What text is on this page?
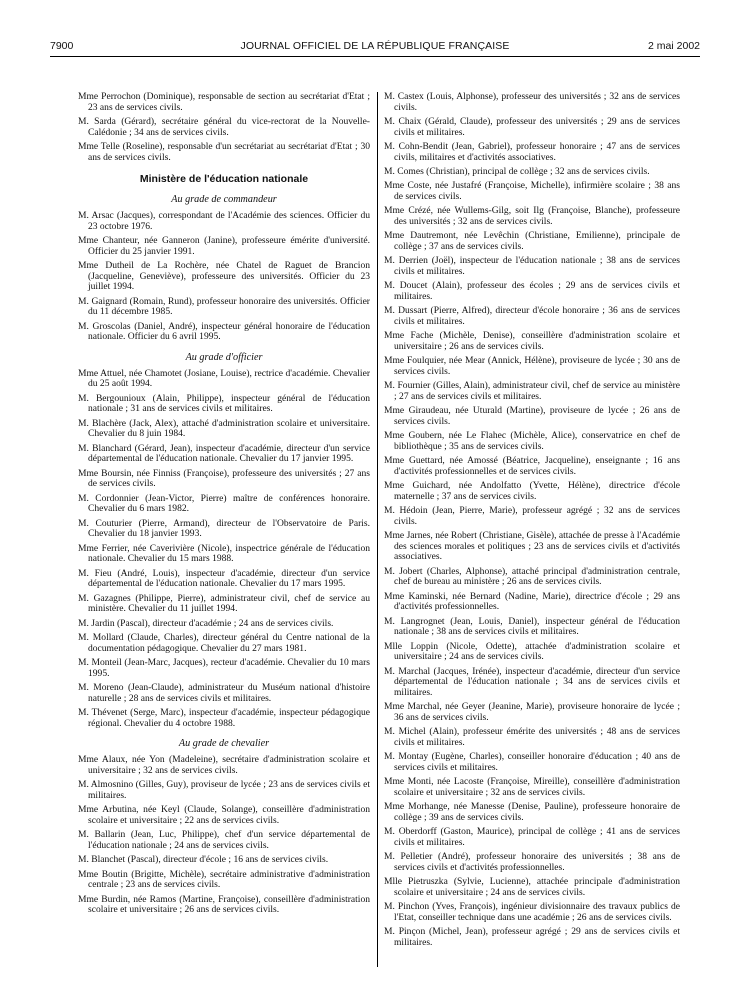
7900	JOURNAL OFFICIEL DE LA RÉPUBLIQUE FRANÇAISE	2 mai 2002

Mme Perrochon (Dominique), responsable de section au secrétariat d'Etat ; 23 ans de services civils.

M. Sarda (Gérard), secrétaire général du vice-rectorat de la Nouvelle-Calédonie ; 34 ans de services civils.

Mme Telle (Roseline), responsable d'un secrétariat au secrétariat d'Etat ; 30 ans de services civils.

Ministère de l'éducation nationale
Au grade de commandeur

M. Arsac (Jacques), correspondant de l'Académie des sciences. Officier du 23 octobre 1976.

Mme Chanteur, née Ganneron (Janine), professeure émérite d'université. Officier du 25 janvier 1991.

Mme Dutheil de La Rochère, née Chatel de Raguet de Brancion (Jacqueline, Geneviève), professeure des universités. Officier du 23 juillet 1994.

M. Gaignard (Romain, Rund), professeur honoraire des universités. Officier du 11 décembre 1985.

M. Groscolas (Daniel, André), inspecteur général honoraire de l'éducation nationale. Officier du 6 avril 1995.

Au grade d'officier

Mme Attuel, née Chamotet (Josiane, Louise), rectrice d'académie. Chevalier du 25 août 1994.

M. Bergounioux (Alain, Philippe), inspecteur général de l'éducation nationale ; 31 ans de services civils et militaires.

M. Blachère (Jack, Alex), attaché d'administration scolaire et universitaire. Chevalier du 8 juin 1984.

M. Blanchard (Gérard, Jean), inspecteur d'académie, directeur d'un service départemental de l'éducation nationale. Chevalier du 17 janvier 1995.

Mme Boursin, née Finniss (Françoise), professeure des universités ; 27 ans de services civils.

M. Cordonnier (Jean-Victor, Pierre) maître de conférences honoraire. Chevalier du 6 mars 1982.

M. Couturier (Pierre, Armand), directeur de l'Observatoire de Paris. Chevalier du 18 janvier 1993.

Mme Ferrier, née Caverivière (Nicole), inspectrice générale de l'éducation nationale. Chevalier du 15 mars 1988.

M. Fieu (André, Louis), inspecteur d'académie, directeur d'un service départemental de l'éducation nationale. Chevalier du 17 mars 1995.

M. Gazagnes (Philippe, Pierre), administrateur civil, chef de service au ministère. Chevalier du 11 juillet 1994.

M. Jardin (Pascal), directeur d'académie ; 24 ans de services civils.

M. Mollard (Claude, Charles), directeur général du Centre national de la documentation pédagogique. Chevalier du 27 mars 1981.

M. Monteil (Jean-Marc, Jacques), recteur d'académie. Chevalier du 10 mars 1995.

M. Moreno (Jean-Claude), administrateur du Muséum national d'histoire naturelle ; 28 ans de services civils et militaires.

M. Thévenet (Serge, Marc), inspecteur d'académie, inspecteur pédagogique régional. Chevalier du 4 octobre 1988.

Au grade de chevalier

Mme Alaux, née Yon (Madeleine), secrétaire d'administration scolaire et universitaire ; 32 ans de services civils.

M. Almosnino (Gilles, Guy), proviseur de lycée ; 23 ans de services civils et militaires.

Mme Arbutina, née Keyl (Claude, Solange), conseillère d'administration scolaire et universitaire ; 22 ans de services civils.

M. Ballarin (Jean, Luc, Philippe), chef d'un service départemental de l'éducation nationale ; 24 ans de services civils.

M. Blanchet (Pascal), directeur d'école ; 16 ans de services civils.

Mme Boutin (Brigitte, Michèle), secrétaire administrative d'administration centrale ; 23 ans de services civils.

Mme Burdin, née Ramos (Martine, Françoise), conseillère d'administration scolaire et universitaire ; 26 ans de services civils.

M. Castex (Louis, Alphonse), professeur des universités ; 32 ans de services civils.

M. Chaix (Gérald, Claude), professeur des universités ; 29 ans de services civils et militaires.

M. Cohn-Bendit (Jean, Gabriel), professeur honoraire ; 47 ans de services civils, militaires et d'activités associatives.

M. Comes (Christian), principal de collège ; 32 ans de services civils.

Mme Coste, née Justafré (Françoise, Michelle), infirmière scolaire ; 38 ans de services civils.

Mme Crézé, née Wullems-Gilg, soit Ilg (Françoise, Blanche), professeure des universités ; 32 ans de services civils.

Mme Dautremont, née Levêchin (Christiane, Emilienne), principale de collège ; 37 ans de services civils.

M. Derrien (Joël), inspecteur de l'éducation nationale ; 38 ans de services civils et militaires.

M. Doucet (Alain), professeur des écoles ; 29 ans de services civils et militaires.

M. Dussart (Pierre, Alfred), directeur d'école honoraire ; 36 ans de services civils et militaires.

Mme Fache (Michèle, Denise), conseillère d'administration scolaire et universitaire ; 26 ans de services civils.

Mme Foulquier, née Mear (Annick, Hélène), proviseure de lycée ; 30 ans de services civils.

M. Fournier (Gilles, Alain), administrateur civil, chef de service au ministère ; 27 ans de services civils et militaires.

Mme Giraudeau, née Uturald (Martine), proviseure de lycée ; 26 ans de services civils.

Mme Goubern, née Le Flahec (Michèle, Alice), conservatrice en chef de bibliothèque ; 35 ans de services civils.

Mme Guettard, née Amossé (Béatrice, Jacqueline), enseignante ; 16 ans d'activités professionnelles et de services civils.

Mme Guichard, née Andolfatto (Yvette, Hélène), directrice d'école maternelle ; 37 ans de services civils.

M. Hédoin (Jean, Pierre, Marie), professeur agrégé ; 32 ans de services civils.

Mme Jarnes, née Robert (Christiane, Gisèle), attachée de presse à l'Académie des sciences morales et politiques ; 23 ans de services civils et d'activités associatives.

M. Jobert (Charles, Alphonse), attaché principal d'administration centrale, chef de bureau au ministère ; 26 ans de services civils.

Mme Kaminski, née Bernard (Nadine, Marie), directrice d'école ; 29 ans d'activités professionnelles.

M. Langrognet (Jean, Louis, Daniel), inspecteur général de l'éducation nationale ; 38 ans de services civils et militaires.

Mlle Loppin (Nicole, Odette), attachée d'administration scolaire et universitaire ; 24 ans de services civils.

M. Marchal (Jacques, Irénée), inspecteur d'académie, directeur d'un service départemental de l'éducation nationale ; 34 ans de services civils et militaires.

Mme Marchal, née Geyer (Jeanine, Marie), proviseure honoraire de lycée ; 36 ans de services civils.

M. Michel (Alain), professeur émérite des universités ; 48 ans de services civils et militaires.

M. Montay (Eugène, Charles), conseiller honoraire d'éducation ; 40 ans de services civils et militaires.

Mme Monti, née Lacoste (Françoise, Mireille), conseillère d'administration scolaire et universitaire ; 32 ans de services civils.

Mme Morhange, née Manesse (Denise, Pauline), professeure honoraire de collège ; 39 ans de services civils.

M. Oberdorff (Gaston, Maurice), principal de collège ; 41 ans de services civils et militaires.

M. Pelletier (André), professeur honoraire des universités ; 38 ans de services civils et d'activités professionnelles.

Mlle Pietruszka (Sylvie, Lucienne), attachée principale d'administration scolaire et universitaire ; 24 ans de services civils.

M. Pinchon (Yves, François), ingénieur divisionnaire des travaux publics de l'Etat, conseiller technique dans une académie ; 26 ans de services civils.

M. Pinçon (Michel, Jean), professeur agrégé ; 29 ans de services civils et militaires.
